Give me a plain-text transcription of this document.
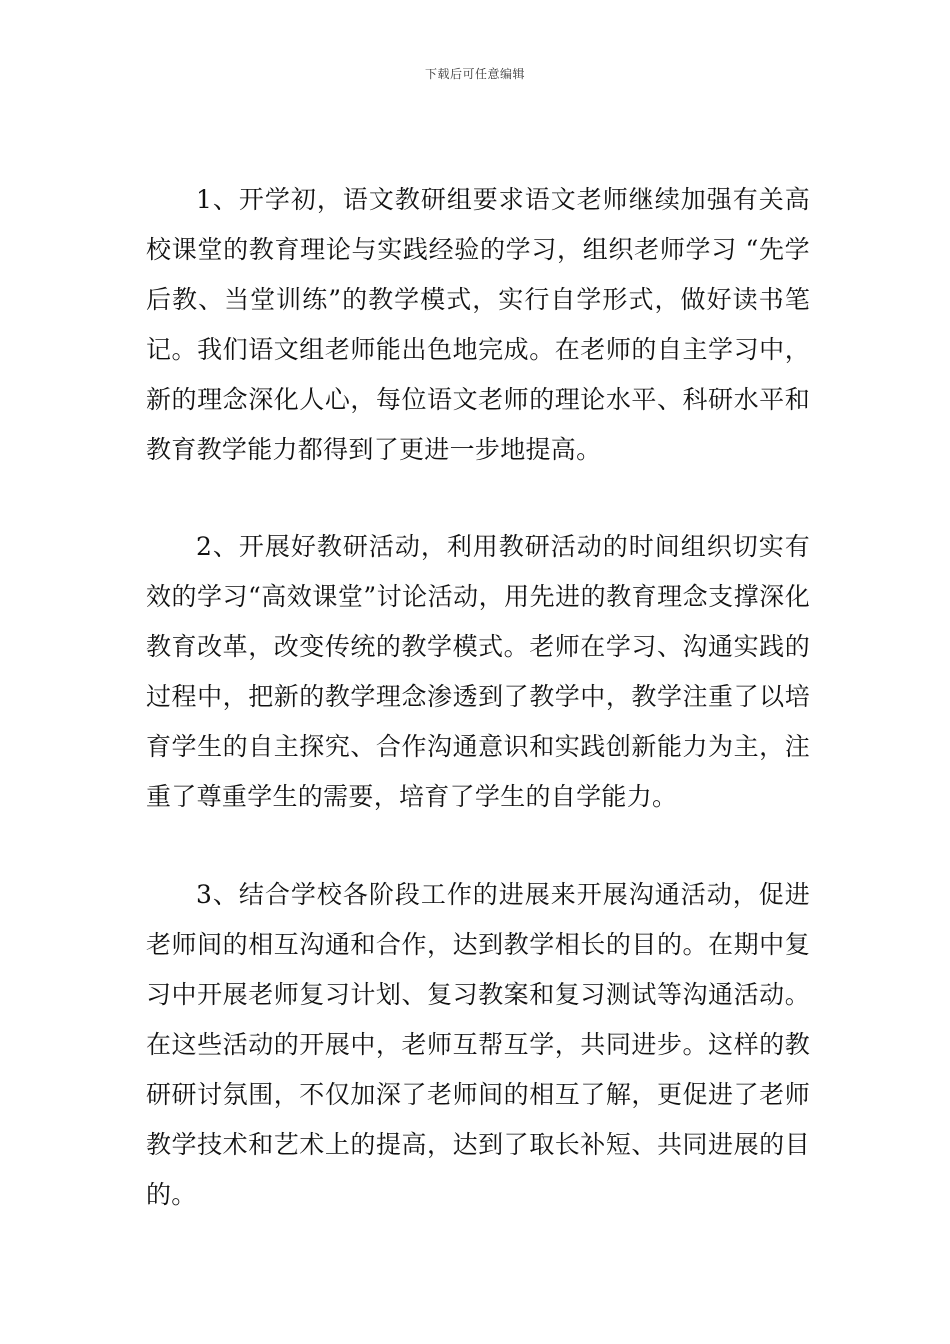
下载后可任意编辑

1、开学初，语文教研组要求语文老师继续加强有关高校课堂的教育理论与实践经验的学习，组织老师学习 “先学后教、当堂训练”的教学模式，实行自学形式，做好读书笔记。我们语文组老师能出色地完成。在老师的自主学习中，新的理念深化人心，每位语文老师的理论水平、科研水平和教育教学能力都得到了更进一步地提高。

2、开展好教研活动，利用教研活动的时间组织切实有效的学习“高效课堂”讨论活动，用先进的教育理念支撑深化教育改革，改变传统的教学模式。老师在学习、沟通实践的过程中，把新的教学理念渗透到了教学中，教学注重了以培育学生的自主探究、合作沟通意识和实践创新能力为主，注重了尊重学生的需要，培育了学生的自学能力。

3、结合学校各阶段工作的进展来开展沟通活动，促进老师间的相互沟通和合作，达到教学相长的目的。在期中复习中开展老师复习计划、复习教案和复习测试等沟通活动。在这些活动的开展中，老师互帮互学，共同进步。这样的教研研讨氛围，不仅加深了老师间的相互了解，更促进了老师教学技术和艺术上的提高，达到了取长补短、共同进展的目的。
